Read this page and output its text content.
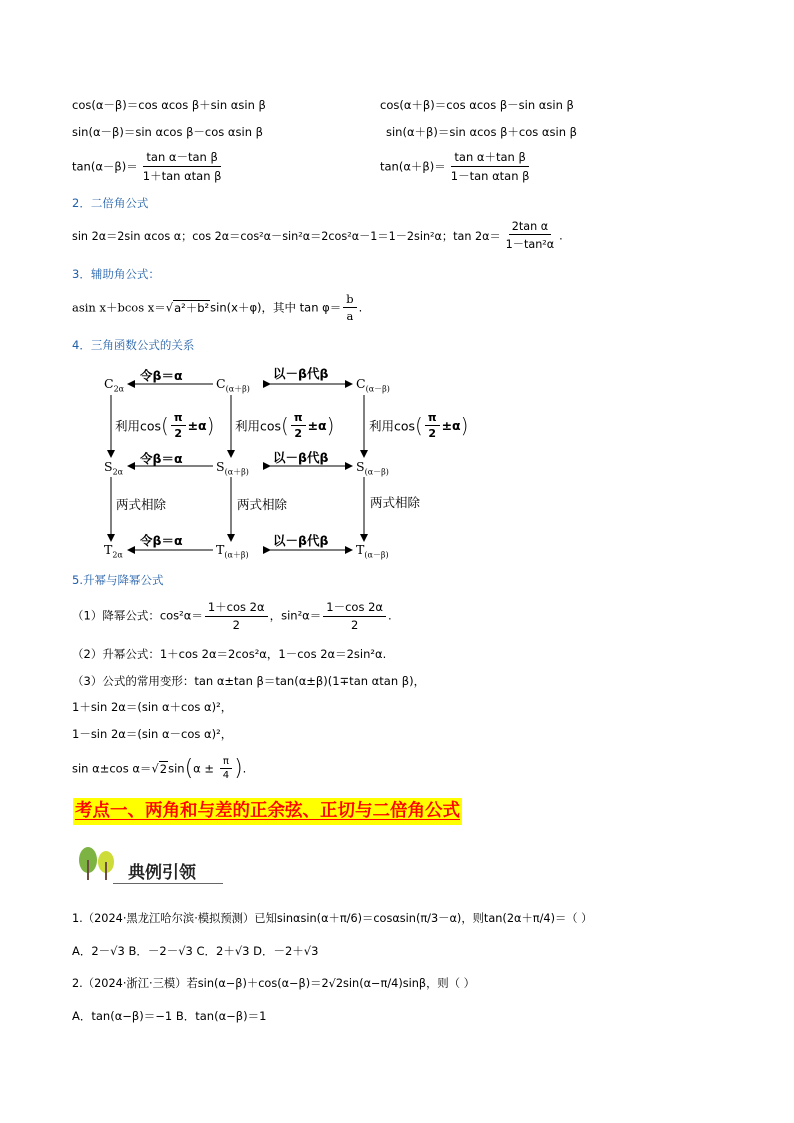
cos(α－β)＝cos αcos β＋sin αsin β	cos(α＋β)＝cos αcos β－sin αsin β
sin(α－β)＝sin αcos β－cos αsin β	sin(α＋β)＝sin αcos β＋cos αsin β
$\tan(\alpha-\beta)= \frac{\text{tan α－tan β}}{\text{1＋tan αtan β}}$	$\tan(\alpha+\beta)= \frac{\text{tan α＋tan β}}{\text{1－tan αtan β}}$
2．二倍角公式
sin 2α＝2sin αcos α；cos 2α＝cos²α－sin²α＝2cos²α－1＝1－2sin²α；$\tan 2\alpha= \frac{\text{2tan α}}{\text{1－tan²α}}$ .
3．辅助角公式：
asin x＋bcos x＝√a²＋b²sin(x＋φ)，其中 $\tan \varphi= \frac{b}{a}$ .
4．三角函数公式的关系
$C_{2\alpha}$	$C_{(\alpha+\beta)}$	$C_{(\alpha-\beta)}$
$S_{2\alpha}$	$S_{(\alpha+\beta)}$	$S_{(\alpha-\beta)}$
$T_{2\alpha}$	$T_{(\alpha+\beta)}$	$T_{(\alpha-\beta)}$
令β＝α	以－β代β
令β＝α	以－β代β
令β＝α	以－β代β
利用$\cos( \frac{\pi}{2} \pm\alpha)$ 利用$\cos( \frac{\pi}{2} \pm\alpha)$	利用$\cos( \frac{\pi}{2} \pm\alpha)$
两式相除	两式相除	两式相除
5.升幂与降幂公式
（1）降幂公式：$\cos^2\alpha= \frac{1+\cos 2\alpha}{2}$ ，$\sin^2\alpha= \frac{1-\cos 2\alpha}{2}$ .
（2）升幂公式：1＋cos 2α＝2cos²α，1－cos 2α＝2sin²α.
（3）公式的常用变形：tan α±tan β＝tan(α±β)(1∓tan αtan β)，
1＋sin 2α＝(sin α＋cos α)²，
1－sin 2α＝(sin α－cos α)²，
sin α±cos $\alpha=√2\sin(\alpha \pm \frac{\pi}{4}$ ).
考点一、两角和与差的正余弦、正切与二倍角公式
典例引领
1.（2024·黑龙江哈尔滨·模拟预测）已知sinαsin(α＋π/6)＝cosαsin(π/3－α)，则tan(2α＋π/4)＝（ ）
A．2－√3 B．－2－√3 C．2＋√3 D．－2＋√3
2.（2024·浙江·三模）若sin(α−β)＋cos(α−β)＝2√2sin(α−π/4)sinβ，则（ ）
A．tan(α−β)＝−1 B．tan(α−β)＝1
